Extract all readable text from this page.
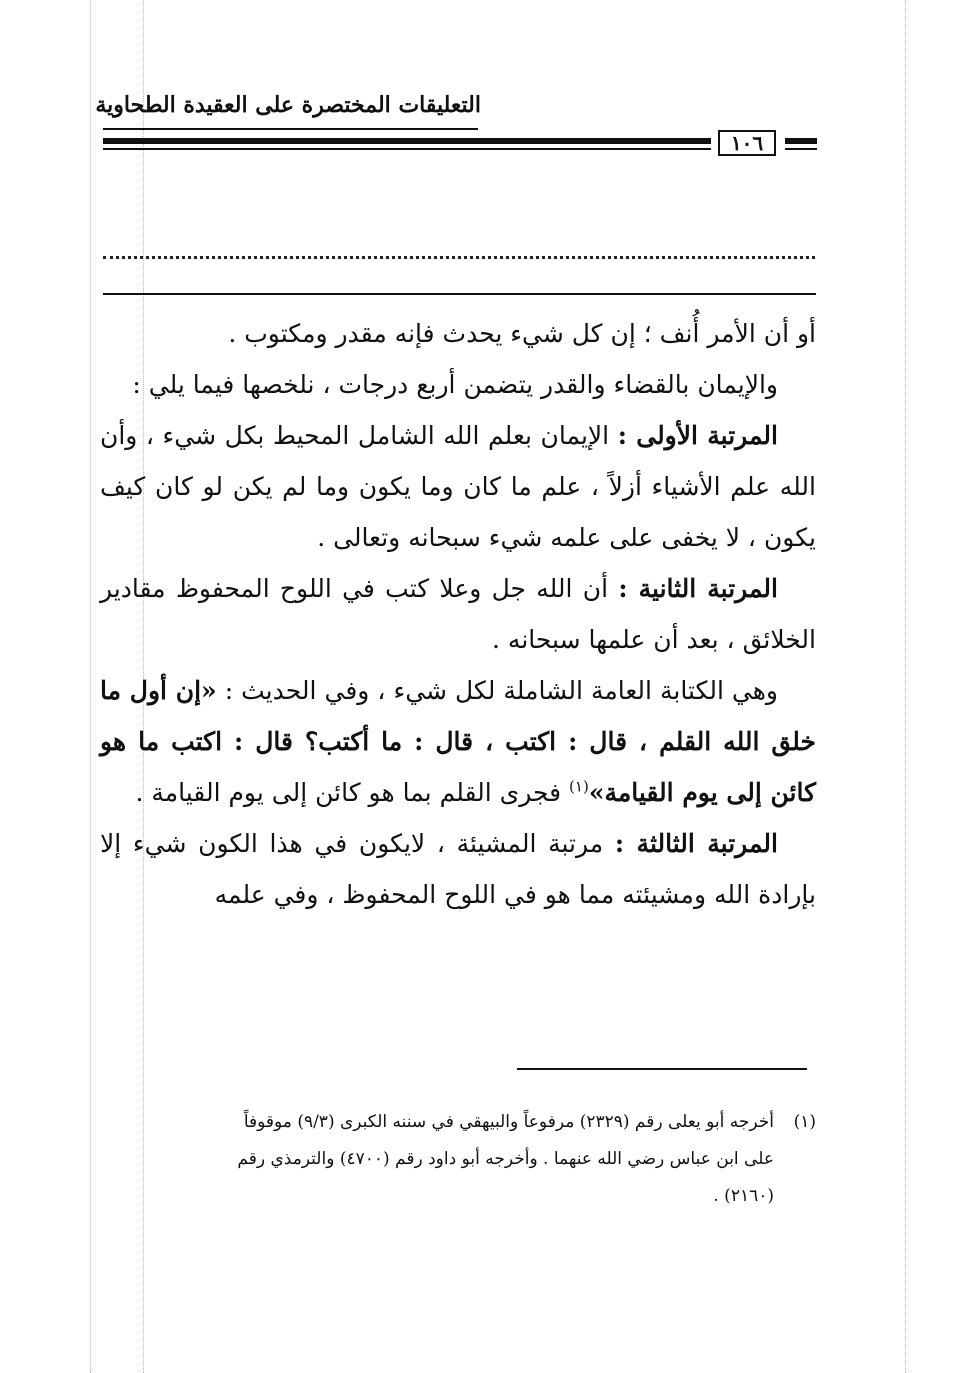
التعليقات المختصرة على العقيدة الطحاوية
١٠٦

أو أن الأمر أُنف ؛ إن كل شيء يحدث فإنه مقدر ومكتوب .

والإيمان بالقضاء والقدر يتضمن أربع درجات ، نلخصها فيما يلي :

المرتبة الأولى : الإيمان بعلم الله الشامل المحيط بكل شيء ، وأن الله علم الأشياء أزلاً ، علم ما كان وما يكون وما لم يكن لو كان كيف يكون ، لا يخفى على علمه شيء سبحانه وتعالى .

المرتبة الثانية : أن الله جل وعلا كتب في اللوح المحفوظ مقادير الخلائق ، بعد أن علمها سبحانه .

وهي الكتابة العامة الشاملة لكل شيء ، وفي الحديث : «إن أول ما خلق الله القلم ، قال : اكتب ، قال : ما أكتب؟ قال : اكتب ما هو كائن إلى يوم القيامة»$^{(١)}$ فجرى القلم بما هو كائن إلى يوم القيامة .

المرتبة الثالثة : مرتبة المشيئة ، لايكون في هذا الكون شيء إلا بإرادة الله ومشيئته مما هو في اللوح المحفوظ ، وفي علمه

(١)أخرجه أبو يعلى رقم (٢٣٢٩) مرفوعاً والبيهقي في سننه الكبرى (٩/٣) موقوفاً
على ابن عباس رضي الله عنهما . وأخرجه أبو داود رقم (٤٧٠٠) والترمذي رقم
(٢١٦٠) .
